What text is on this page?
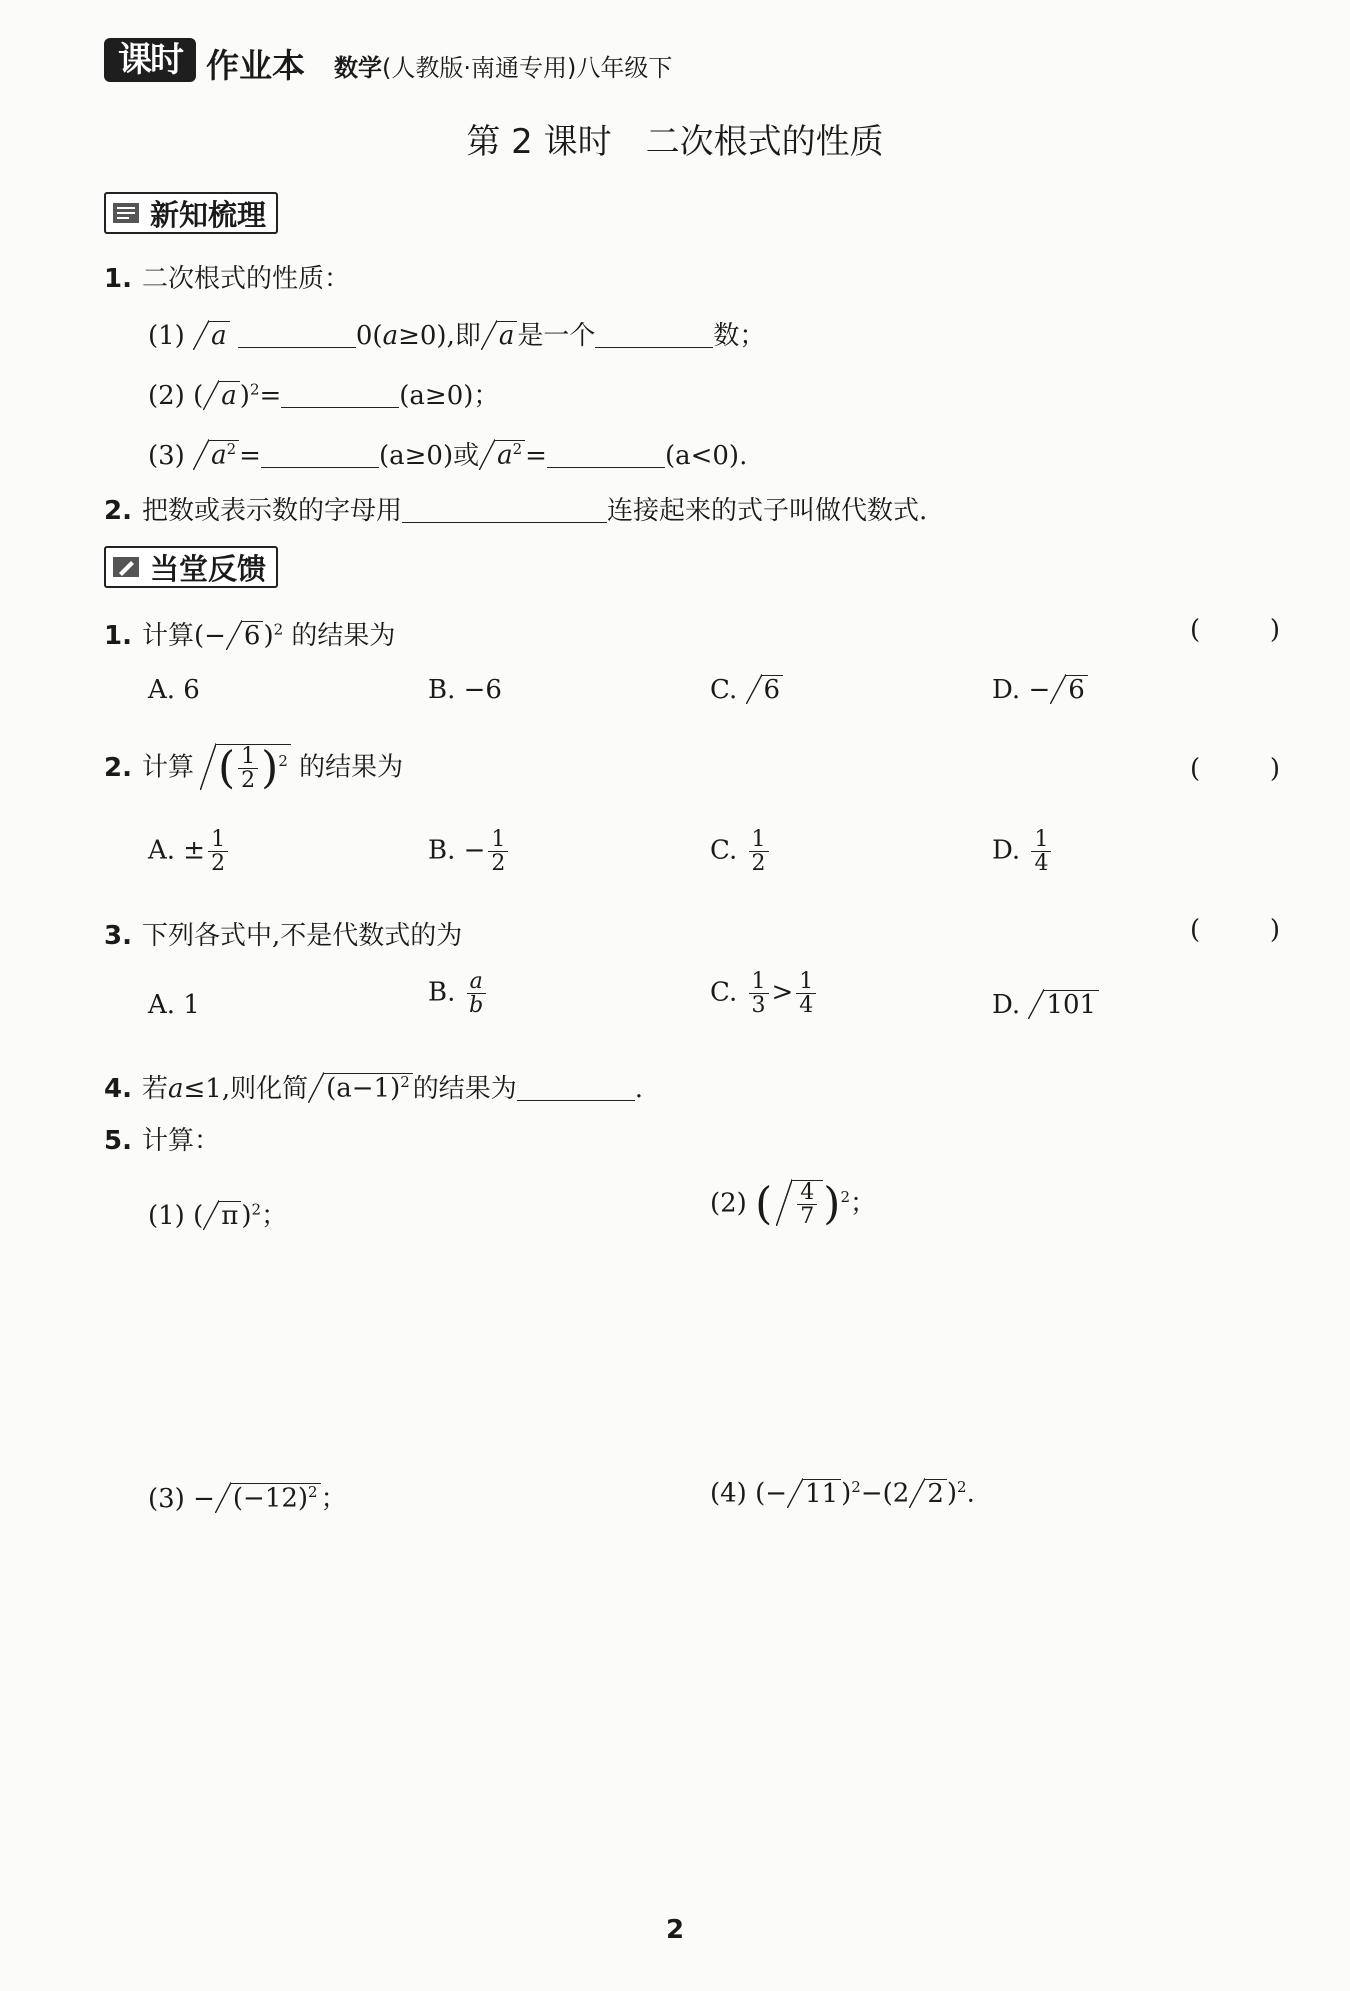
课时 作业本 数学(人教版·南通专用)八年级下
第 2 课时　二次根式的性质
新知梳理
1. 二次根式的性质：
(1) a	0(a≥0),即 a 是一个	数；
(2) ( a )$^2$=	(a≥0)；
(3) $a^2$ =	(a≥0)或 $a^2$ =	(a<0).
2. 把数或表示数的字母用	连接起来的式子叫做代数式.
当堂反馈
1. 计算(− 6 )$^2$ 的结果为	(	)
A. 6	B. −6	C. 6	D. − 6
2. 计算 ( $\frac{1}{2} )^2$ 的结果为	(	)
A. ± $\frac{1}{2}$	B. − $\frac{1}{2}$	C. $\frac{1}{2}$	D. $\frac{1}{4}$
3. 下列各式中,不是代数式的为	(	)
A. 1	B. $\frac{a}{b}$	C. $\frac{1}{3} > \frac{1}{4}$	D. 101
4. 若a≤1,则化简 $(a-1)^2$ 的结果为	.
5. 计算：
(1) ( π )$^2$；	(2) ( $\frac{4}{7} )^2$；
$(3) - (-12)^2$ ；	(4) (− 11 )$^2$−(2 2 )$^2$.
2
